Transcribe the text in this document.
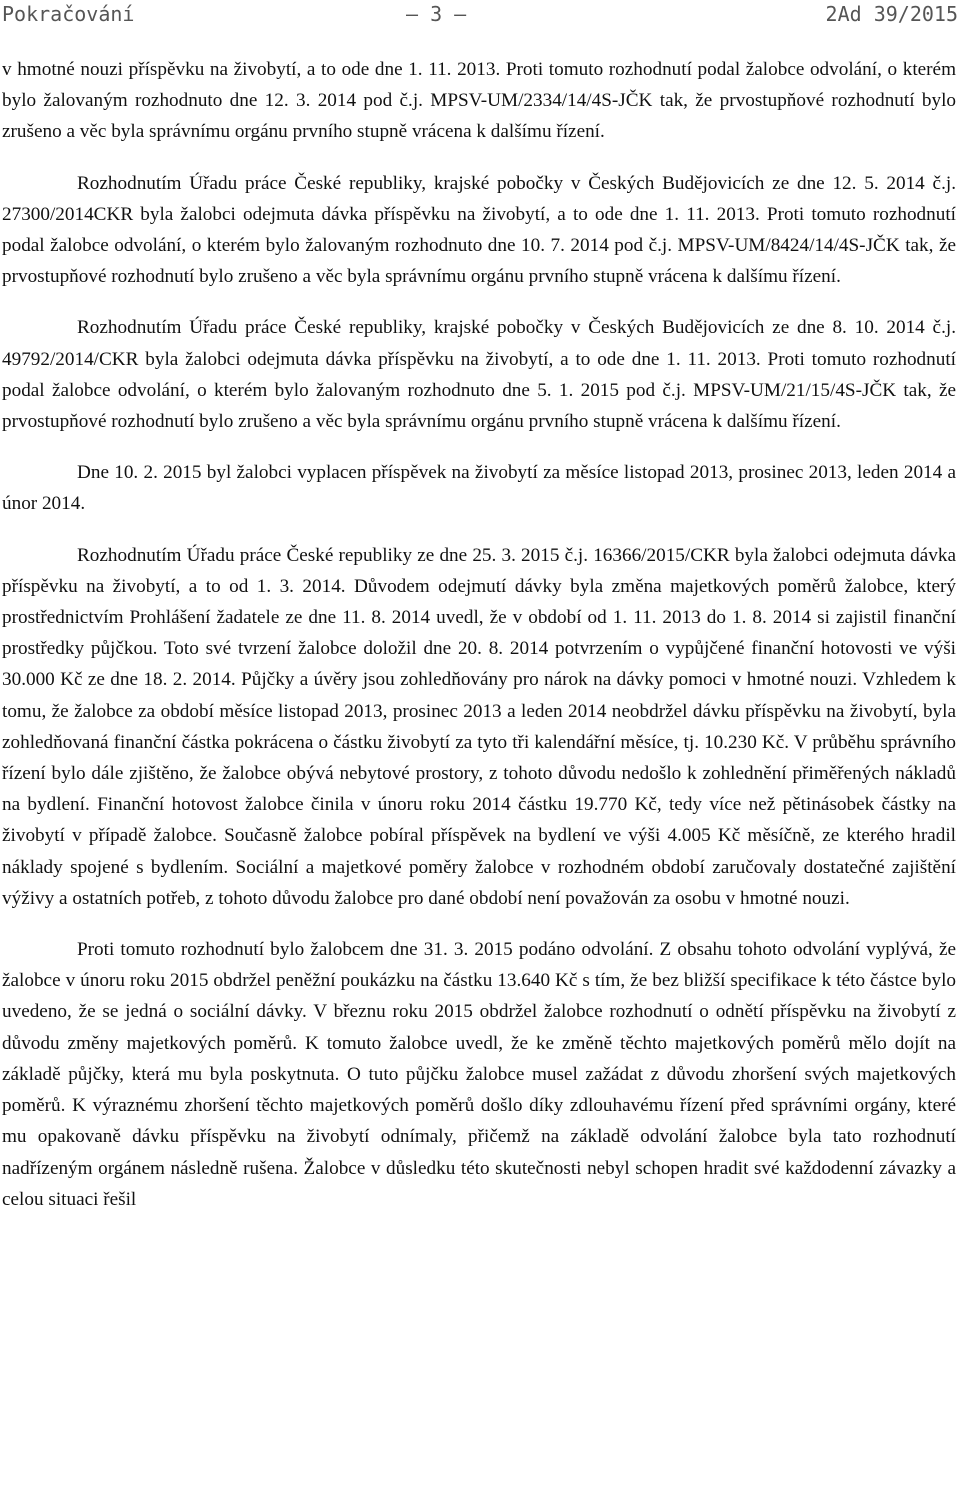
Pokračování

	– 3 –

	2Ad 39/2015

v hmotné nouzi příspěvku na živobytí, a to ode dne 1. 11. 2013. Proti tomuto rozhodnutí podal žalobce odvolání, o kterém bylo žalovaným rozhodnuto dne 12. 3. 2014 pod č.j. MPSV-UM/2334/14/4S-JČK tak, že prvostupňové rozhodnutí bylo zrušeno a věc byla správnímu orgánu prvního stupně vrácena k dalšímu řízení.

Rozhodnutím Úřadu práce České republiky, krajské pobočky v Českých Budějovicích ze dne 12. 5. 2014 č.j. 27300/2014CKR byla žalobci odejmuta dávka příspěvku na živobytí, a to ode dne 1. 11. 2013. Proti tomuto rozhodnutí podal žalobce odvolání, o kterém bylo žalovaným rozhodnuto dne 10. 7. 2014 pod č.j. MPSV-UM/8424/14/4S-JČK tak, že prvostupňové rozhodnutí bylo zrušeno a věc byla správnímu orgánu prvního stupně vrácena k dalšímu řízení.

Rozhodnutím Úřadu práce České republiky, krajské pobočky v Českých Budějovicích ze dne 8. 10. 2014 č.j. 49792/2014/CKR byla žalobci odejmuta dávka příspěvku na živobytí, a to ode dne 1. 11. 2013. Proti tomuto rozhodnutí podal žalobce odvolání, o kterém bylo žalovaným rozhodnuto dne 5. 1. 2015 pod č.j. MPSV-UM/21/15/4S-JČK tak, že prvostupňové rozhodnutí bylo zrušeno a věc byla správnímu orgánu prvního stupně vrácena k dalšímu řízení.

Dne 10. 2. 2015 byl žalobci vyplacen příspěvek na živobytí za měsíce listopad 2013, prosinec 2013, leden 2014 a únor 2014.

Rozhodnutím Úřadu práce České republiky ze dne 25. 3. 2015 č.j. 16366/2015/CKR byla žalobci odejmuta dávka příspěvku na živobytí, a to od 1. 3. 2014. Důvodem odejmutí dávky byla změna majetkových poměrů žalobce, který prostřednictvím Prohlášení žadatele ze dne 11. 8. 2014 uvedl, že v období od 1. 11. 2013 do 1. 8. 2014 si zajistil finanční prostředky půjčkou. Toto své tvrzení žalobce doložil dne 20. 8. 2014 potvrzením o vypůjčené finanční hotovosti ve výši 30.000 Kč ze dne 18. 2. 2014. Půjčky a úvěry jsou zohledňovány pro nárok na dávky pomoci v hmotné nouzi. Vzhledem k tomu, že žalobce za období měsíce listopad 2013, prosinec 2013 a leden 2014 neobdržel dávku příspěvku na živobytí, byla zohledňovaná finanční částka pokrácena o částku živobytí za tyto tři kalendářní měsíce, tj. 10.230 Kč. V průběhu správního řízení bylo dále zjištěno, že žalobce obývá nebytové prostory, z tohoto důvodu nedošlo k zohlednění přiměřených nákladů na bydlení. Finanční hotovost žalobce činila v únoru roku 2014 částku 19.770 Kč, tedy více než pětinásobek částky na živobytí v případě žalobce. Současně žalobce pobíral příspěvek na bydlení ve výši 4.005 Kč měsíčně, ze kterého hradil náklady spojené s bydlením. Sociální a majetkové poměry žalobce v rozhodném období zaručovaly dostatečné zajištění výživy a ostatních potřeb, z tohoto důvodu žalobce pro dané období není považován za osobu v hmotné nouzi.

Proti tomuto rozhodnutí bylo žalobcem dne 31. 3. 2015 podáno odvolání. Z obsahu tohoto odvolání vyplývá, že žalobce v únoru roku 2015 obdržel peněžní poukázku na částku 13.640 Kč s tím, že bez bližší specifikace k této částce bylo uvedeno, že se jedná o sociální dávky. V březnu roku 2015 obdržel žalobce rozhodnutí o odnětí příspěvku na živobytí z důvodu změny majetkových poměrů. K tomuto žalobce uvedl, že ke změně těchto majetkových poměrů mělo dojít na základě půjčky, která mu byla poskytnuta. O tuto půjčku žalobce musel zažádat z důvodu zhoršení svých majetkových poměrů. K výraznému zhoršení těchto majetkových poměrů došlo díky zdlouhavému řízení před správními orgány, které mu opakovaně dávku příspěvku na živobytí odnímaly, přičemž na základě odvolání žalobce byla tato rozhodnutí nadřízeným orgánem následně rušena. Žalobce v důsledku této skutečnosti nebyl schopen hradit své každodenní závazky a celou situaci řešil
